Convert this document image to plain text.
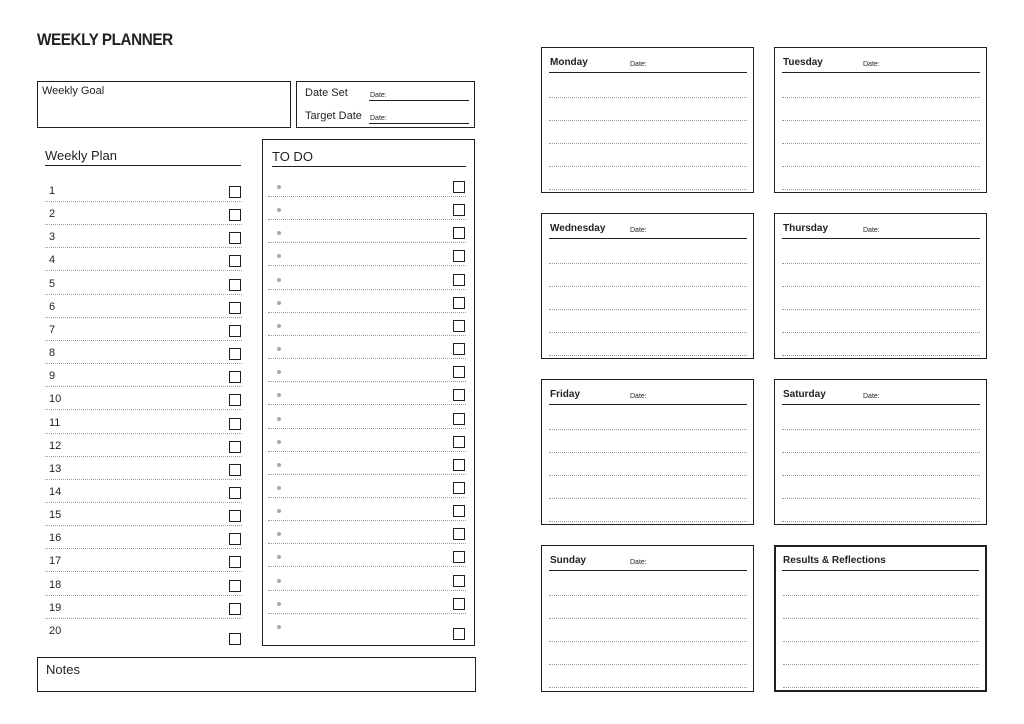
WEEKLY PLANNER
Weekly Goal	Date Set	Date:
Target Date Date:
Weekly Plan
1
2
3
4
5
6
7
8
9
10
11
12
13
14
15
16
17
18
19
20
TO DO
Notes
Monday	Date:	Tuesday	Date:
Wednesday	Date:	Thursday	Date:
Friday	Date:	Saturday	Date:
Sunday	Date:	Results & Reflections
